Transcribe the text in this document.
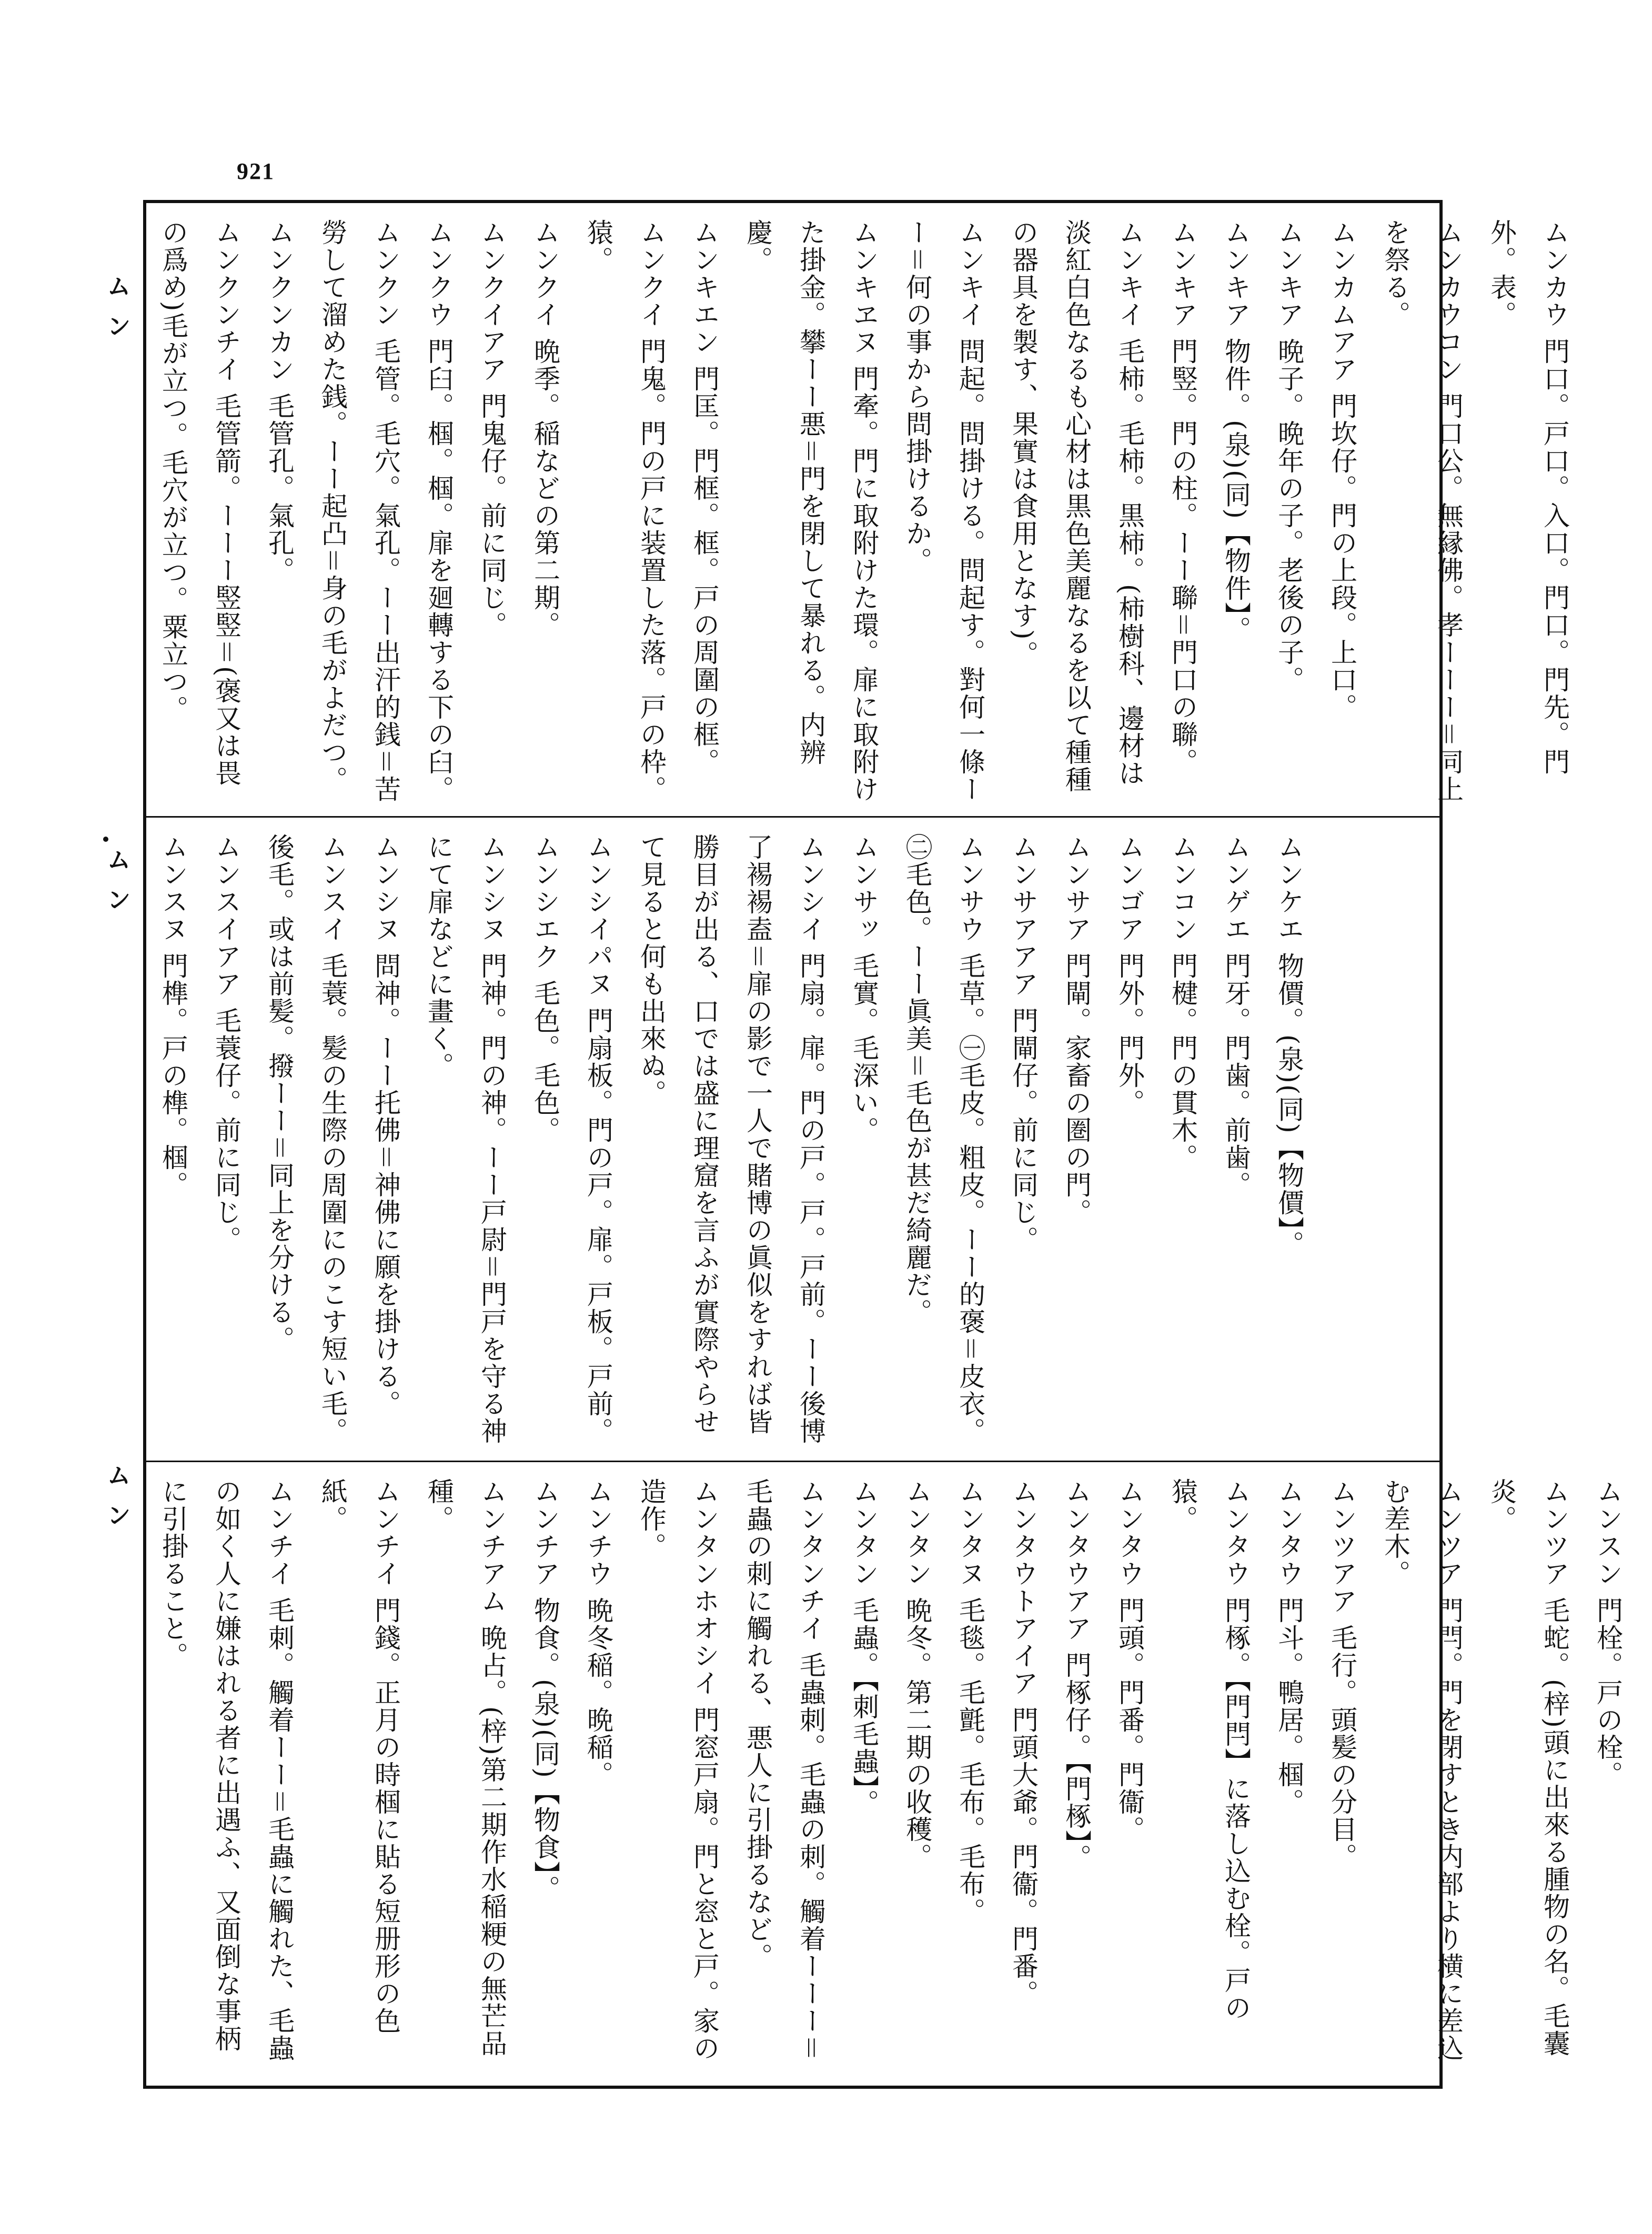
921
ムン
ムン
ムン

ムンカウ 門口。戸口。入口。門口。門先。門外。表。

ムンカウコン 門口公。無縁佛。孝ーーー＝同上を祭る。

ムンカムアア 門坎仔。門の上段。上口。

ムンキア 晩子。晩年の子。老後の子。

ムンキア 物件。(泉)(同)【物件】。

ムンキア 門竪。門の柱。ーー聯＝門口の聯。

ムンキイ 毛柿。毛柿。黒柿。(柿樹科、邊材は淡紅白色なるも心材は黒色美麗なるを以て種種の器具を製す、果實は食用となす)。

ムンキイ 問起。問掛ける。問起す。對何一條ーー＝何の事から問掛けるか。

ムンキヱヌ 門牽。門に取附けた環。扉に取附けた掛金。攀ーー悪＝門を閉して暴れる。内辨慶。

ムンキエン 門匡。門框。框。戸の周圍の框。

ムンクイ 門鬼。門の戸に装置した落。戸の枠。猿。

ムンクイ 晩季。稲などの第二期。

ムンクイアア 門鬼仔。前に同じ。

ムンクウ 門臼。椢。椢。扉を廻轉する下の臼。

ムンクン 毛管。毛穴。氣孔。ーー出汗的銭＝苦勞して溜めた銭。ーー起凸＝身の毛がよだつ。

ムンクンカン 毛管孔。氣孔。

ムンクンチイ 毛管箭。ーーー竪竪＝(褒又は畏の爲め)毛が立つ。毛穴が立つ。粟立つ。

ムンケエ 物價。(泉)(同)【物價】。

ムンゲエ 門牙。門歯。前歯。

ムンコン 門楗。門の貫木。

ムンゴア 門外。門外。

ムンサア 門閘。家畜の圏の門。

ムンサアアア 門閘仔。前に同じ。

ムンサウ 毛草。㊀毛皮。粗皮。ーー的褒＝皮衣。㊁毛色。ーー眞美＝毛色が甚だ綺麗だ。

ムンサッ 毛實。毛深い。

ムンシイ 門扇。扉。門の戸。戸。戸前。ーー後博了裼裼盍＝扉の影で一人で賭博の眞似をすれば皆勝目が出る、口では盛に理窟を言ふが實際やらせて見ると何も出來ぬ。

ムンシイパヌ 門扇板。門の戸。扉。戸板。戸前。

ムンシエク 毛色。毛色。

ムンシヌ 門神。門の神。ーー戸尉＝門戸を守る神にて扉などに畫く。

ムンシヌ 問神。ーー托佛＝神佛に願を掛ける。

ムンスイ 毛蓑。髪の生際の周圍にのこす短い毛。後毛。或は前髪。撥ーー＝同上を分ける。

ムンスイアア 毛蓑仔。前に同じ。

ムンスヌ 門榫。戸の榫。椢。

ムンスン 門栓。戸の栓。

ムンツア 毛蛇。(梓)頭に出來る腫物の名。毛囊炎。

ムンツア 門閂。門を閉すとき内部より横に差込む差木。

ムンツアア 毛行。頭髪の分目。

ムンタウ 門斗。鴨居。椢。

ムンタウ 門椓。【門閂】に落し込む栓。戸の猿。

ムンタウ 門頭。門番。門衞。

ムンタウアア 門椓仔。【門椓】。

ムンタウトアイア 門頭大爺。門衞。門番。

ムンタヌ 毛毯。毛氈。毛布。毛布。

ムンタン 晩冬。第二期の收穫。

ムンタン 毛蟲。【刺毛蟲】。

ムンタンチイ 毛蟲刺。毛蟲の刺。觸着ーーー＝毛蟲の刺に觸れる、悪人に引掛るなど。

ムンタンホオシイ 門窓戸扇。門と窓と戸。家の造作。

ムンチウ 晩冬稲。晩稲。

ムンチア 物食。(泉)(同)【物食】。

ムンチアム 晩占。(梓)第二期作水稲粳の無芒品種。

ムンチイ 門錢。正月の時椢に貼る短册形の色紙。

ムンチイ 毛刺。觸着ーー＝毛蟲に觸れた、毛蟲の如く人に嫌はれる者に出遇ふ、又面倒な事柄に引掛ること。
